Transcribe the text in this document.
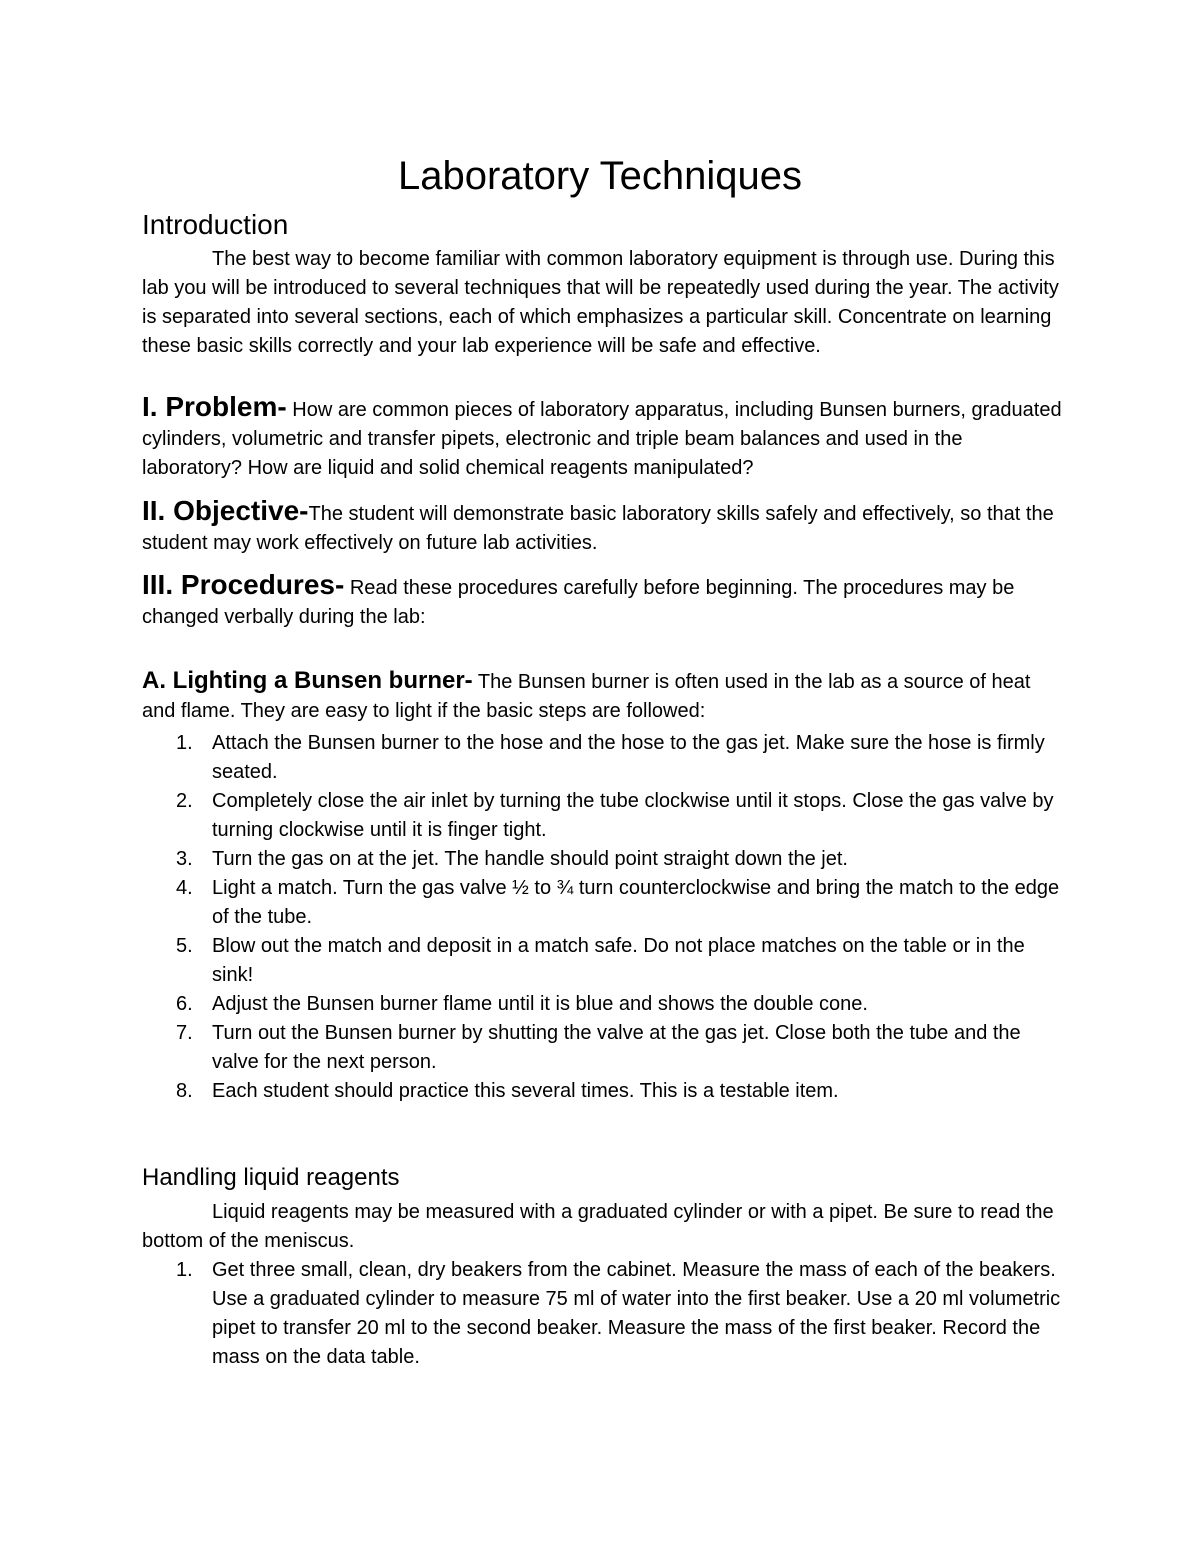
Laboratory Techniques
Introduction
The best way to become familiar with common laboratory equipment is through use. During this lab you will be introduced to several techniques that will be repeatedly used during the year. The activity is separated into several sections, each of which emphasizes a particular skill. Concentrate on learning these basic skills correctly and your lab experience will be safe and effective.
I. Problem- How are common pieces of laboratory apparatus, including Bunsen burners, graduated cylinders, volumetric and transfer pipets, electronic and triple beam balances and used in the laboratory? How are liquid and solid chemical reagents manipulated?
II. Objective-The student will demonstrate basic laboratory skills safely and effectively, so that the student may work effectively on future lab activities.
III. Procedures- Read these procedures carefully before beginning. The procedures may be changed verbally during the lab:
A. Lighting a Bunsen burner- The Bunsen burner is often used in the lab as a source of heat and flame. They are easy to light if the basic steps are followed:
1. Attach the Bunsen burner to the hose and the hose to the gas jet. Make sure the hose is firmly seated.
2. Completely close the air inlet by turning the tube clockwise until it stops. Close the gas valve by turning clockwise until it is finger tight.
3. Turn the gas on at the jet. The handle should point straight down the jet.
4. Light a match. Turn the gas valve ½ to ¾ turn counterclockwise and bring the match to the edge of the tube.
5. Blow out the match and deposit in a match safe. Do not place matches on the table or in the sink!
6. Adjust the Bunsen burner flame until it is blue and shows the double cone.
7. Turn out the Bunsen burner by shutting the valve at the gas jet. Close both the tube and the valve for the next person.
8. Each student should practice this several times. This is a testable item.
Handling liquid reagents
Liquid reagents may be measured with a graduated cylinder or with a pipet. Be sure to read the bottom of the meniscus.
1. Get three small, clean, dry beakers from the cabinet. Measure the mass of each of the beakers. Use a graduated cylinder to measure 75 ml of water into the first beaker. Use a 20 ml volumetric pipet to transfer 20 ml to the second beaker. Measure the mass of the first beaker. Record the mass on the data table.
